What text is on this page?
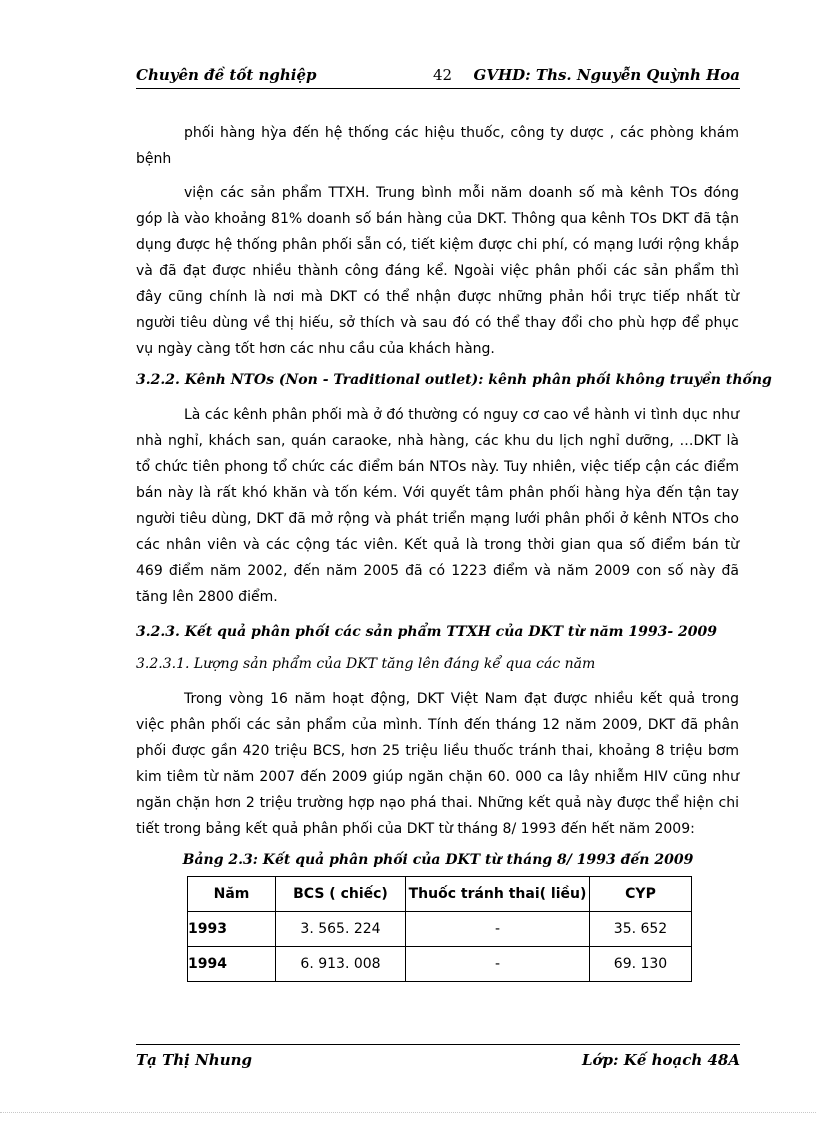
Chuyên đề tốt nghiệp	42 GVHD: Ths. Nguyễn Quỳnh Hoa
phối hàng hỳa đến hệ thống các hiệu thuốc, công ty dược , các phòng khám bệnh
viện các sản phẩm TTXH. Trung bình mỗi năm doanh số mà kênh TOs đóng góp là vào khoảng 81% doanh số bán hàng của DKT. Thông qua kênh TOs DKT đã tận dụng được hệ thống phân phối sẵn có, tiết kiệm được chi phí, có mạng lưới rộng khắp và đã đạt được nhiều thành công đáng kể. Ngoài việc phân phối các sản phẩm thì đây cũng chính là nơi mà DKT có thể nhận được những phản hồi trực tiếp nhất từ người tiêu dùng về thị hiếu, sở thích và sau đó có thể thay đổi cho phù hợp để phục vụ ngày càng tốt hơn các nhu cầu của khách hàng.
3.2.2. Kênh NTOs (Non - Traditional outlet): kênh phân phối không truyền thống
Là các kênh phân phối mà ở đó thường có nguy cơ cao về hành vi tình dục như nhà nghỉ, khách san, quán caraoke, nhà hàng, các khu du lịch nghỉ dưỡng, …DKT là tổ chức tiên phong tổ chức các điểm bán NTOs này. Tuy nhiên, việc tiếp cận các điểm bán này là rất khó khăn và tốn kém. Với quyết tâm phân phối hàng hỳa đến tận tay người tiêu dùng, DKT đã mở rộng và phát triển mạng lưới phân phối ở kênh NTOs cho các nhân viên và các cộng tác viên. Kết quả là trong thời gian qua số điểm bán từ 469 điểm năm 2002, đến năm 2005 đã có 1223 điểm và năm 2009 con số này đã tăng lên 2800 điểm.
3.2.3. Kết quả phân phối các sản phẩm TTXH của DKT từ năm 1993- 2009
3.2.3.1. Lượng sản phẩm của DKT tăng lên đáng kể qua các năm
Trong vòng 16 năm hoạt động, DKT Việt Nam đạt được nhiều kết quả trong việc phân phối các sản phẩm của mình. Tính đến tháng 12 năm 2009, DKT đã phân phối được gần 420 triệu BCS, hơn 25 triệu liều thuốc tránh thai, khoảng 8 triệu bơm kim tiêm từ năm 2007 đến 2009 giúp ngăn chặn 60. 000 ca lây nhiễm HIV cũng như ngăn chặn hơn 2 triệu trường hợp nạo phá thai. Những kết quả này được thể hiện chi tiết trong bảng kết quả phân phối của DKT từ tháng 8/ 1993 đến hết năm 2009:
Bảng 2.3: Kết quả phân phối của DKT từ tháng 8/ 1993 đến 2009
Năm	BCS ( chiếc)	Thuốc tránh thai( liều)	CYP
1993	3. 565. 224	-	35. 652
1994	6. 913. 008	-	69. 130
Tạ Thị Nhung	Lớp: Kế hoạch 48A
